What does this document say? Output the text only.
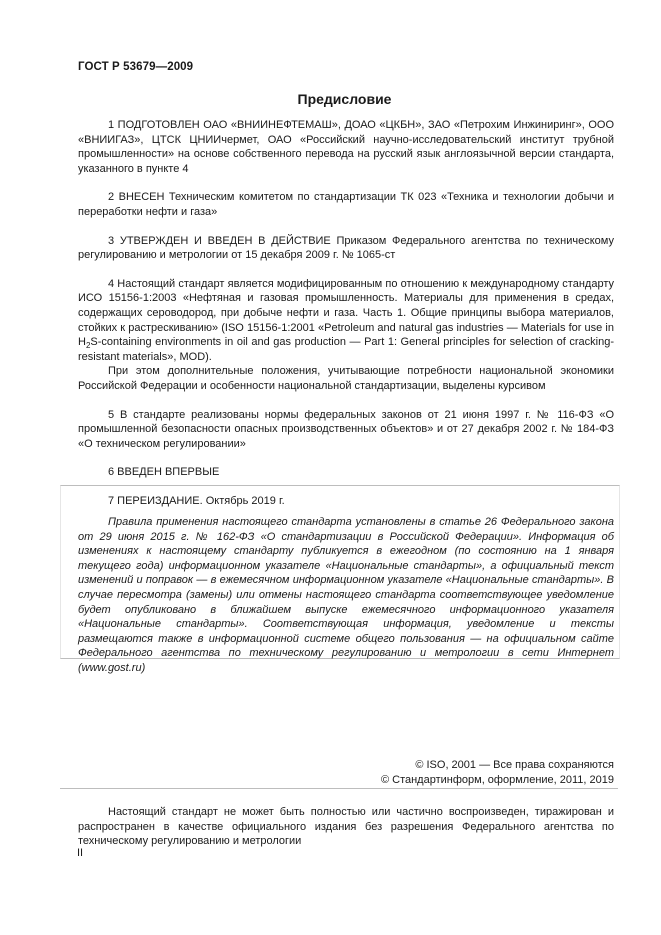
ГОСТ Р 53679—2009
Предисловие

1 ПОДГОТОВЛЕН ОАО «ВНИИНЕФТЕМАШ», ДОАО «ЦКБН», ЗАО «Петрохим Инжиниринг», ООО «ВНИИГАЗ», ЦТСК ЦНИИчермет, ОАО «Российский научно-исследовательский институт трубной промышленности» на основе собственного перевода на русский язык англоязычной версии стандарта, указанного в пункте 4

2 ВНЕСЕН Техническим комитетом по стандартизации ТК 023 «Техника и технологии добычи и переработки нефти и газа»

3 УТВЕРЖДЕН И ВВЕДЕН В ДЕЙСТВИЕ Приказом Федерального агентства по техническому регулированию и метрологии от 15 декабря 2009 г. № 1065-ст

4 Настоящий стандарт является модифицированным по отношению к международному стандарту ИСО 15156-1:2003 «Нефтяная и газовая промышленность. Материалы для применения в средах, содержащих сероводород, при добыче нефти и газа. Часть 1. Общие принципы выбора материалов, стойких к растрескиванию» (ISO 15156-1:2001 «Petroleum and natural gas industries — Materials for use in $H_2S$-containing environments in oil and gas production — Part 1: General principles for selection of cracking-resistant materials», MOD).

При этом дополнительные положения, учитывающие потребности национальной экономики Российской Федерации и особенности национальной стандартизации, выделены курсивом

5 В стандарте реализованы нормы федеральных законов от 21 июня 1997 г. № 116-ФЗ «О промышленной безопасности опасных производственных объектов» и от 27 декабря 2002 г. № 184-ФЗ «О техническом регулировании»

6 ВВЕДЕН ВПЕРВЫЕ

7 ПЕРЕИЗДАНИЕ. Октябрь 2019 г.

Правила применения настоящего стандарта установлены в статье 26 Федерального закона от 29 июня 2015 г. № 162-ФЗ «О стандартизации в Российской Федерации». Информация об изменениях к настоящему стандарту публикуется в ежегодном (по состоянию на 1 января текущего года) информационном указателе «Национальные стандарты», а официальный текст изменений и поправок — в ежемесячном информационном указателе «Национальные стандарты». В случае пересмотра (замены) или отмены настоящего стандарта соответствующее уведомление будет опубликовано в ближайшем выпуске ежемесячного информационного указателя «Национальные стандарты». Соответствующая информация, уведомление и тексты размещаются также в информационной системе общего пользования — на официальном сайте Федерального агентства по техническому регулированию и метрологии в сети Интернет (www.gost.ru)
© ISO, 2001 — Все права сохраняются
© Стандартинформ, оформление, 2011, 2019
Настоящий стандарт не может быть полностью или частично воспроизведен, тиражирован и распространен в качестве официального издания без разрешения Федерального агентства по техническому регулированию и метрологии
II
